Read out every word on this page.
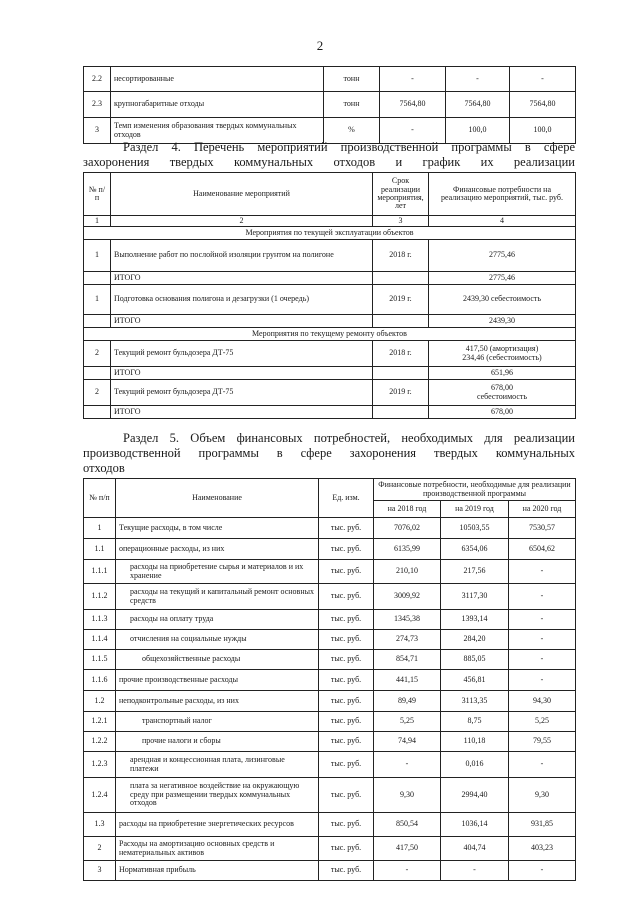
2
2.2	несортированные	тонн	-	-	-
2.3	крупногабаритные отходы	тонн	7564,80	7564,80	7564,80
3	Темп изменения образования твердых коммунальных отходов	%	-	100,0	100,0
Раздел 4. Перечень мероприятий производственной программы в сфере
захоронения твердых коммунальных отходов и график их реализации
№ п/п	Наименование мероприятий	Срок реализации мероприятия, лет	Финансовые потребности на реализацию мероприятий, тыс. руб.
1	2	3	4
Мероприятия по текущей эксплуатации объектов			
1	Выполнение работ по послойной изоляции грунтом на полигоне	2018 г.	2775,46
	ИТОГО		2775,46
1	Подготовка основания полигона и дезагрузки (1 очередь)	2019 г.	2439,30 себестоимость
	ИТОГО		2439,30
Мероприятия по текущему ремонту объектов			
2	Текущий ремонт бульдозера ДТ-75	2018 г.	417,50 (амортизация)
234,46 (себестоимость)
	ИТОГО		651,96
2	Текущий ремонт бульдозера ДТ-75	2019 г.	678,00
себестоимость
	ИТОГО		678,00
Раздел 5. Объем финансовых потребностей, необходимых для реализации
производственной программы в сфере захоронения твердых коммунальных
отходов
№ п/п	Наименование	Ед. изм.	Финансовые потребности, необходимые для реализации производственной программы		
			на 2018 год	на 2019 год	на 2020 год
1	Текущие расходы, в том числе	тыс. руб.	7076,02	10503,55	7530,57
1.1	операционные расходы, из них	тыс. руб.	6135,99	6354,06	6504,62
1.1.1	расходы на приобретение сырья и материалов и их хранение	тыс. руб.	210,10	217,56	-
1.1.2	расходы на текущий и капитальный ремонт основных средств	тыс. руб.	3009,92	3117,30	-
1.1.3	расходы на оплату труда	тыс. руб.	1345,38	1393,14	-
1.1.4	отчисления на социальные нужды	тыс. руб.	274,73	284,20	-
1.1.5	общехозяйственные расходы	тыс. руб.	854,71	885,05	-
1.1.6	прочие производственные расходы	тыс. руб.	441,15	456,81	-
1.2	неподконтрольные расходы, из них	тыс. руб.	89,49	3113,35	94,30
1.2.1	транспортный налог	тыс. руб.	5,25	8,75	5,25
1.2.2	прочие налоги и сборы	тыс. руб.	74,94	110,18	79,55
1.2.3	арендная и концессионная плата, лизинговые платежи	тыс. руб.	-	0,016	-
1.2.4	плата за негативное воздействие на окружающую среду при размещении твердых коммунальных отходов	тыс. руб.	9,30	2994,40	9,30
1.3	расходы на приобретение энергетических ресурсов	тыс. руб.	850,54	1036,14	931,85
2	Расходы на амортизацию основных средств и нематериальных активов	тыс. руб.	417,50	404,74	403,23
3	Нормативная прибыль	тыс. руб.	-	-	-
